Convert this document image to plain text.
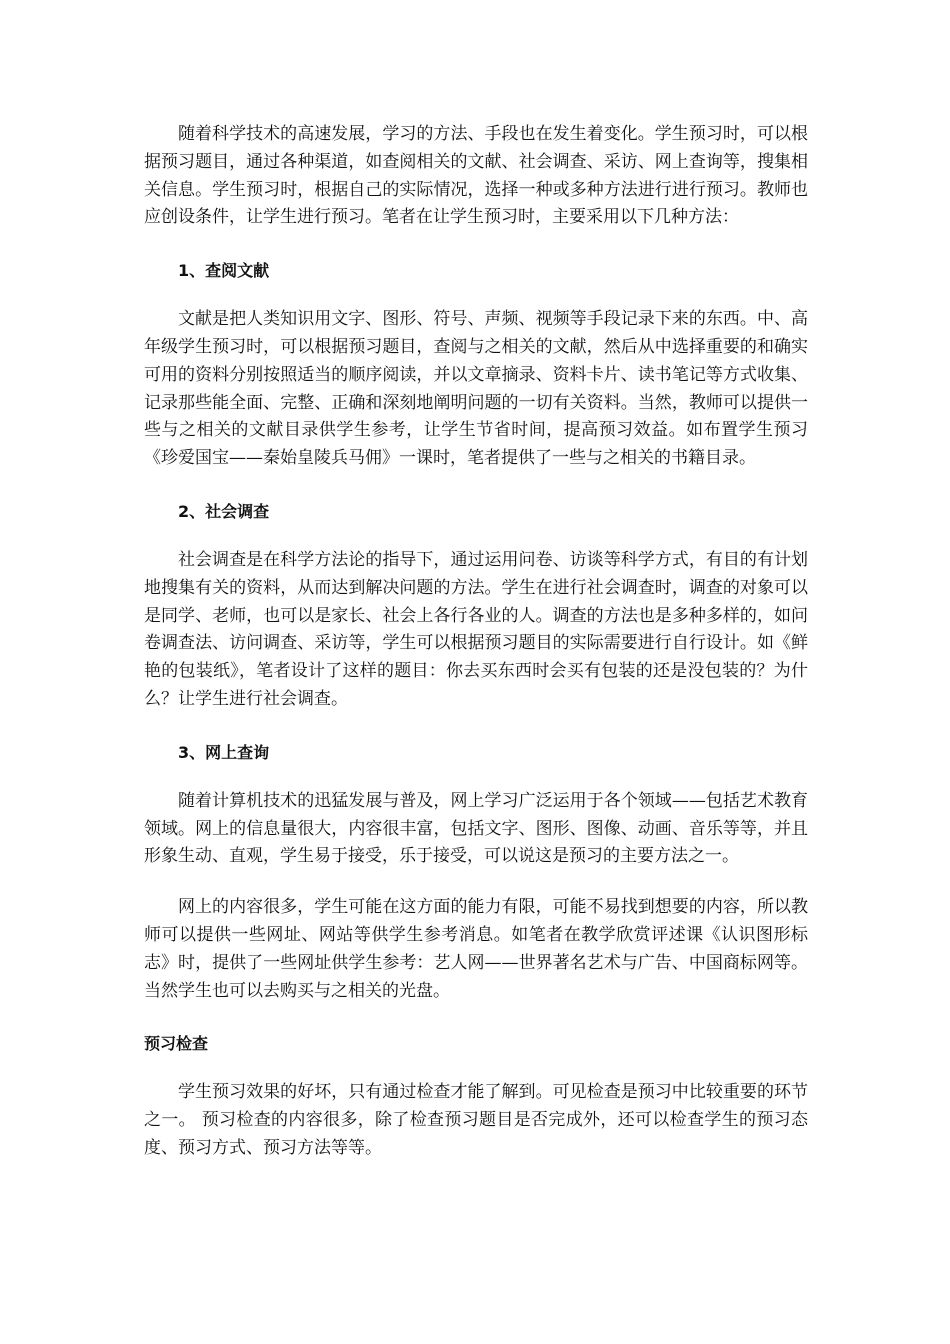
随着科学技术的高速发展，学习的方法、手段也在发生着变化。学生预习时，可以根据预习题目，通过各种渠道，如查阅相关的文献、社会调查、采访、网上查询等，搜集相关信息。学生预习时，根据自己的实际情况，选择一种或多种方法进行进行预习。教师也应创设条件，让学生进行预习。笔者在让学生预习时，主要采用以下几种方法：

1、查阅文献

文献是把人类知识用文字、图形、符号、声频、视频等手段记录下来的东西。中、高年级学生预习时，可以根据预习题目，查阅与之相关的文献，然后从中选择重要的和确实可用的资料分别按照适当的顺序阅读，并以文章摘录、资料卡片、读书笔记等方式收集、记录那些能全面、完整、正确和深刻地阐明问题的一切有关资料。当然，教师可以提供一些与之相关的文献目录供学生参考，让学生节省时间，提高预习效益。如布置学生预习《珍爱国宝——秦始皇陵兵马佣》一课时，笔者提供了一些与之相关的书籍目录。

2、社会调查

社会调查是在科学方法论的指导下，通过运用问卷、访谈等科学方式，有目的有计划地搜集有关的资料，从而达到解决问题的方法。学生在进行社会调查时，调查的对象可以是同学、老师，也可以是家长、社会上各行各业的人。调查的方法也是多种多样的，如问卷调查法、访问调查、采访等，学生可以根据预习题目的实际需要进行自行设计。如《鲜艳的包装纸》，笔者设计了这样的题目：你去买东西时会买有包装的还是没包装的？为什么？让学生进行社会调查。

3、网上查询

随着计算机技术的迅猛发展与普及，网上学习广泛运用于各个领域——包括艺术教育领域。网上的信息量很大，内容很丰富，包括文字、图形、图像、动画、音乐等等，并且形象生动、直观，学生易于接受，乐于接受，可以说这是预习的主要方法之一。

网上的内容很多，学生可能在这方面的能力有限，可能不易找到想要的内容，所以教师可以提供一些网址、网站等供学生参考消息。如笔者在教学欣赏评述课《认识图形标志》时，提供了一些网址供学生参考：艺人网——世界著名艺术与广告、中国商标网等。当然学生也可以去购买与之相关的光盘。

预习检查

学生预习效果的好坏，只有通过检查才能了解到。可见检查是预习中比较重要的环节之一。 预习检查的内容很多，除了检查预习题目是否完成外，还可以检查学生的预习态度、预习方式、预习方法等等。
